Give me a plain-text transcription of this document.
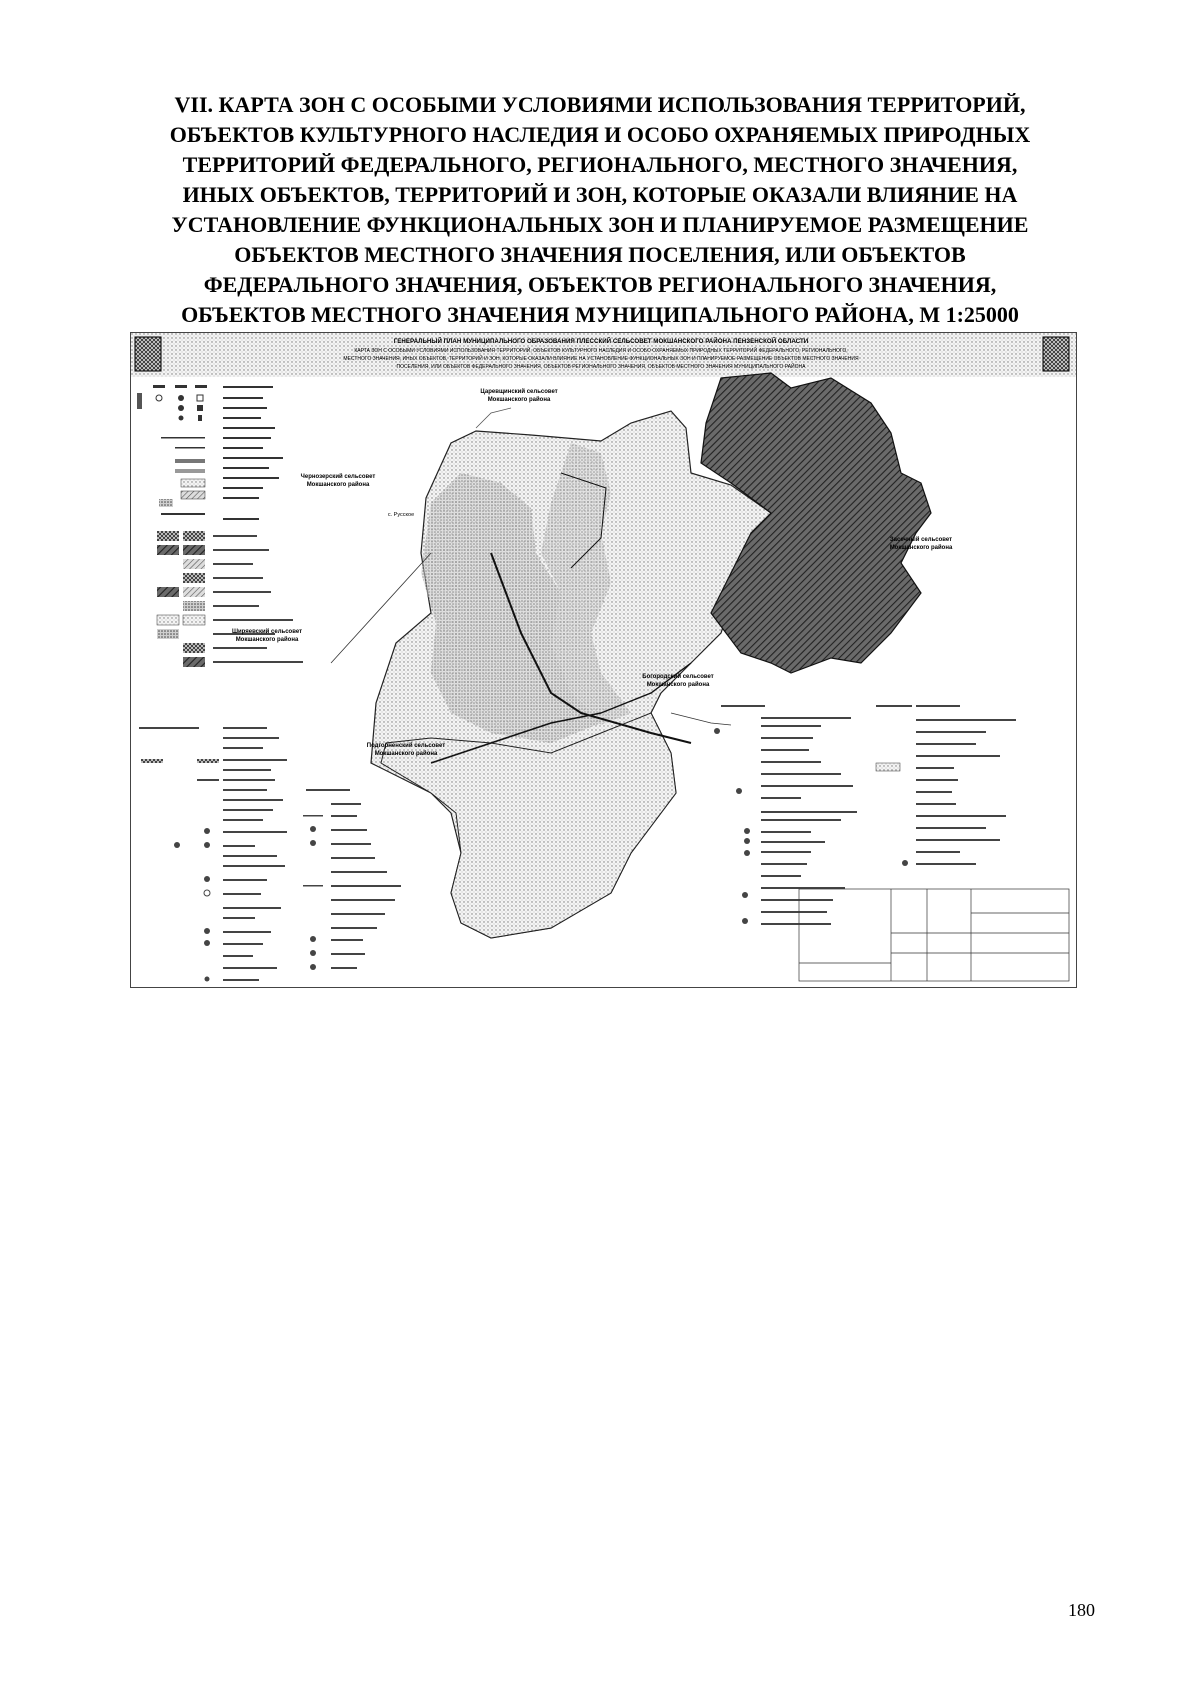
VII. КАРТА ЗОН С ОСОБЫМИ УСЛОВИЯМИ ИСПОЛЬЗОВАНИЯ ТЕРРИТОРИЙ,
ОБЪЕКТОВ КУЛЬТУРНОГО НАСЛЕДИЯ И ОСОБО ОХРАНЯЕМЫХ ПРИРОДНЫХ
ТЕРРИТОРИЙ ФЕДЕРАЛЬНОГО, РЕГИОНАЛЬНОГО, МЕСТНОГО ЗНАЧЕНИЯ,
ИНЫХ ОБЪЕКТОВ, ТЕРРИТОРИЙ И ЗОН, КОТОРЫЕ ОКАЗАЛИ ВЛИЯНИЕ НА
УСТАНОВЛЕНИЕ ФУНКЦИОНАЛЬНЫХ ЗОН И ПЛАНИРУЕМОЕ РАЗМЕЩЕНИЕ
ОБЪЕКТОВ МЕСТНОГО ЗНАЧЕНИЯ ПОСЕЛЕНИЯ, ИЛИ ОБЪЕКТОВ
ФЕДЕРАЛЬНОГО ЗНАЧЕНИЯ, ОБЪЕКТОВ РЕГИОНАЛЬНОГО ЗНАЧЕНИЯ,
ОБЪЕКТОВ МЕСТНОГО ЗНАЧЕНИЯ МУНИЦИПАЛЬНОГО РАЙОНА, М 1:25000
ГЕНЕРАЛЬНЫЙ ПЛАН МУНИЦИПАЛЬНОГО ОБРАЗОВАНИЯ ПЛЕССКИЙ СЕЛЬСОВЕТ МОКШАНСКОГО РАЙОНА ПЕНЗЕНСКОЙ ОБЛАСТИ
КАРТА ЗОН С ОСОБЫМИ УСЛОВИЯМИ ИСПОЛЬЗОВАНИЯ ТЕРРИТОРИЙ, ОБЪЕКТОВ КУЛЬТУРНОГО НАСЛЕДИЯ И ОСОБО ОХРАНЯЕМЫХ ПРИРОДНЫХ ТЕРРИТОРИЙ ФЕДЕРАЛЬНОГО, РЕГИОНАЛЬНОГО,
МЕСТНОГО ЗНАЧЕНИЯ, ИНЫХ ОБЪЕКТОВ, ТЕРРИТОРИЙ И ЗОН, КОТОРЫЕ ОКАЗАЛИ ВЛИЯНИЕ НА УСТАНОВЛЕНИЕ ФУНКЦИОНАЛЬНЫХ ЗОН И ПЛАНИРУЕМОЕ РАЗМЕЩЕНИЕ ОБЪЕКТОВ МЕСТНОГО ЗНАЧЕНИЯ
ПОСЕЛЕНИЯ, ИЛИ ОБЪЕКТОВ ФЕДЕРАЛЬНОГО ЗНАЧЕНИЯ, ОБЪЕКТОВ РЕГИОНАЛЬНОГО ЗНАЧЕНИЯ, ОБЪЕКТОВ МЕСТНОГО ЗНАЧЕНИЯ МУНИЦИПАЛЬНОГО РАЙОНА
Царевщинский сельсовет
Мокшанского района
Чернозерский сельсовет
Мокшанского района
с. Русское
Засечный сельсовет
Мокшанского района
Ширяевский сельсовет
Мокшанского района
Богородский сельсовет
Мокшанского района
Подгорненский сельсовет
Мокшанского района
180
